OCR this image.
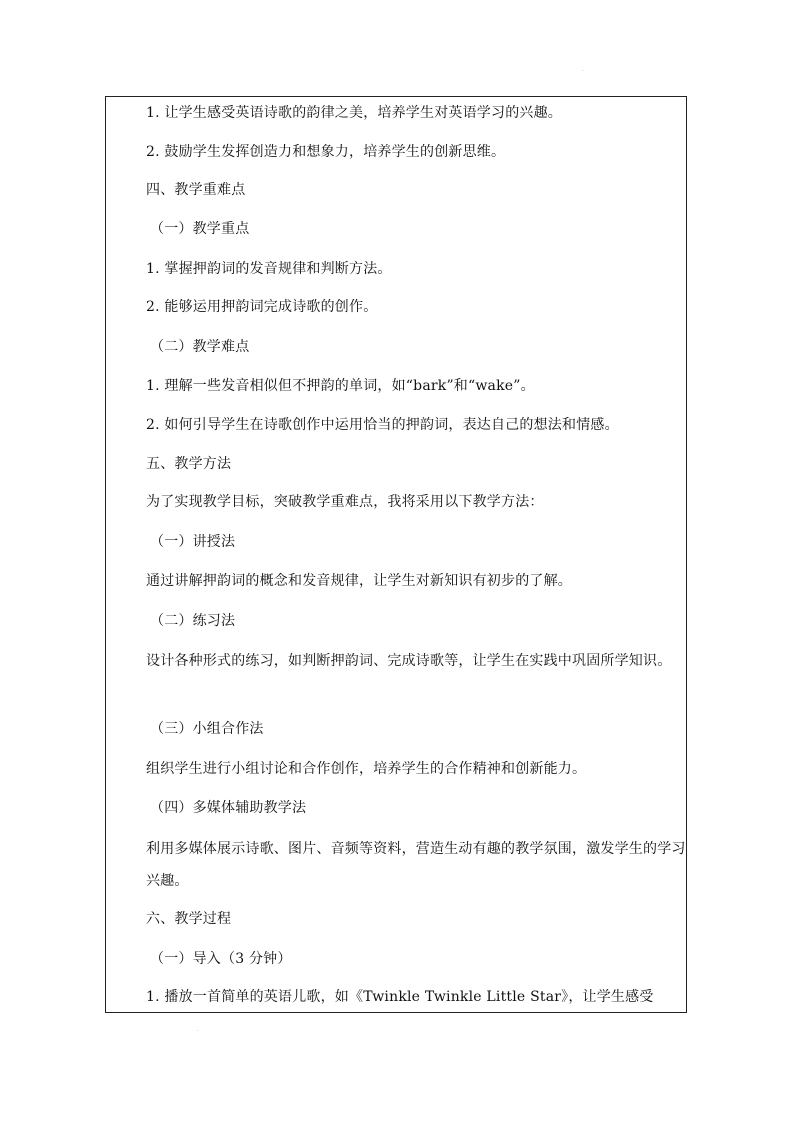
.
.
1. 让学生感受英语诗歌的韵律之美，培养学生对英语学习的兴趣。
2. 鼓励学生发挥创造力和想象力，培养学生的创新思维。
四、教学重难点
（一）教学重点
1. 掌握押韵词的发音规律和判断方法。
2. 能够运用押韵词完成诗歌的创作。
（二）教学难点
1. 理解一些发音相似但不押韵的单词，如“bark”和“wake”。
2. 如何引导学生在诗歌创作中运用恰当的押韵词，表达自己的想法和情感。
五、教学方法
为了实现教学目标，突破教学重难点，我将采用以下教学方法：
（一）讲授法
通过讲解押韵词的概念和发音规律，让学生对新知识有初步的了解。
（二）练习法
设计各种形式的练习，如判断押韵词、完成诗歌等，让学生在实践中巩固所学知识。
（三）小组合作法
组织学生进行小组讨论和合作创作，培养学生的合作精神和创新能力。
（四）多媒体辅助教学法
利用多媒体展示诗歌、图片、音频等资料，营造生动有趣的教学氛围，激发学生的学习兴趣。
六、教学过程
（一）导入（3 分钟）
1. 播放一首简单的英语儿歌，如《Twinkle Twinkle Little Star》，让学生感受
